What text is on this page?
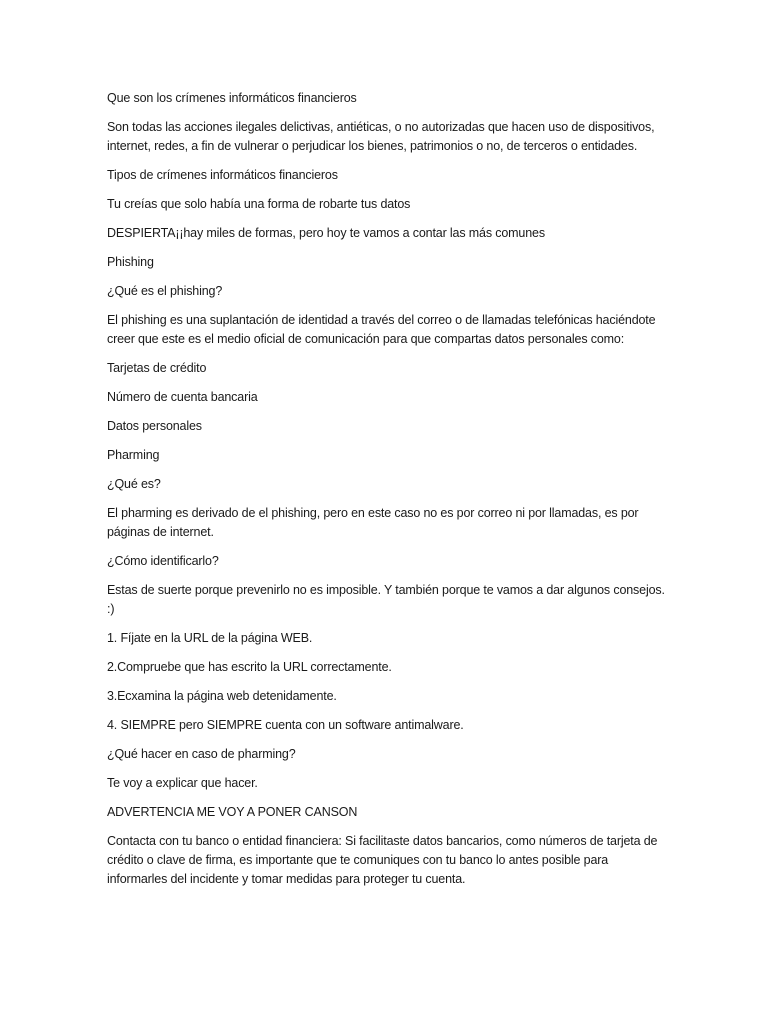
Que son los crímenes informáticos financieros

Son todas las acciones ilegales delictivas, antiéticas, o no autorizadas que hacen uso de dispositivos, internet, redes, a fin de vulnerar o perjudicar los bienes, patrimonios o no, de terceros o entidades.

Tipos de crímenes informáticos financieros

Tu creías que solo había una forma de robarte tus datos

DESPIERTA¡¡hay miles de formas, pero hoy te vamos a contar las más comunes

Phishing

¿Qué es el phishing?

El phishing es una suplantación de identidad a través del correo o de llamadas telefónicas haciéndote creer que este es el medio oficial de comunicación para que compartas datos personales como:

Tarjetas de crédito

Número de cuenta bancaria

Datos personales

Pharming

¿Qué es?

El pharming es derivado de el phishing, pero en este caso no es por correo ni por llamadas, es por páginas de internet.

¿Cómo identificarlo?

Estas de suerte porque prevenirlo no es imposible. Y también porque te vamos a dar algunos consejos. :)

1. Fíjate en la URL de la página WEB.

2.Compruebe que has escrito la URL correctamente.

3.Ecxamina la página web detenidamente.

4. SIEMPRE pero SIEMPRE cuenta con un software antimalware.

¿Qué hacer en caso de pharming?

Te voy a explicar que hacer.

ADVERTENCIA ME VOY A PONER CANSON

Contacta con tu banco o entidad financiera: Si facilitaste datos bancarios, como números de tarjeta de crédito o clave de firma, es importante que te comuniques con tu banco lo antes posible para informarles del incidente y tomar medidas para proteger tu cuenta.
